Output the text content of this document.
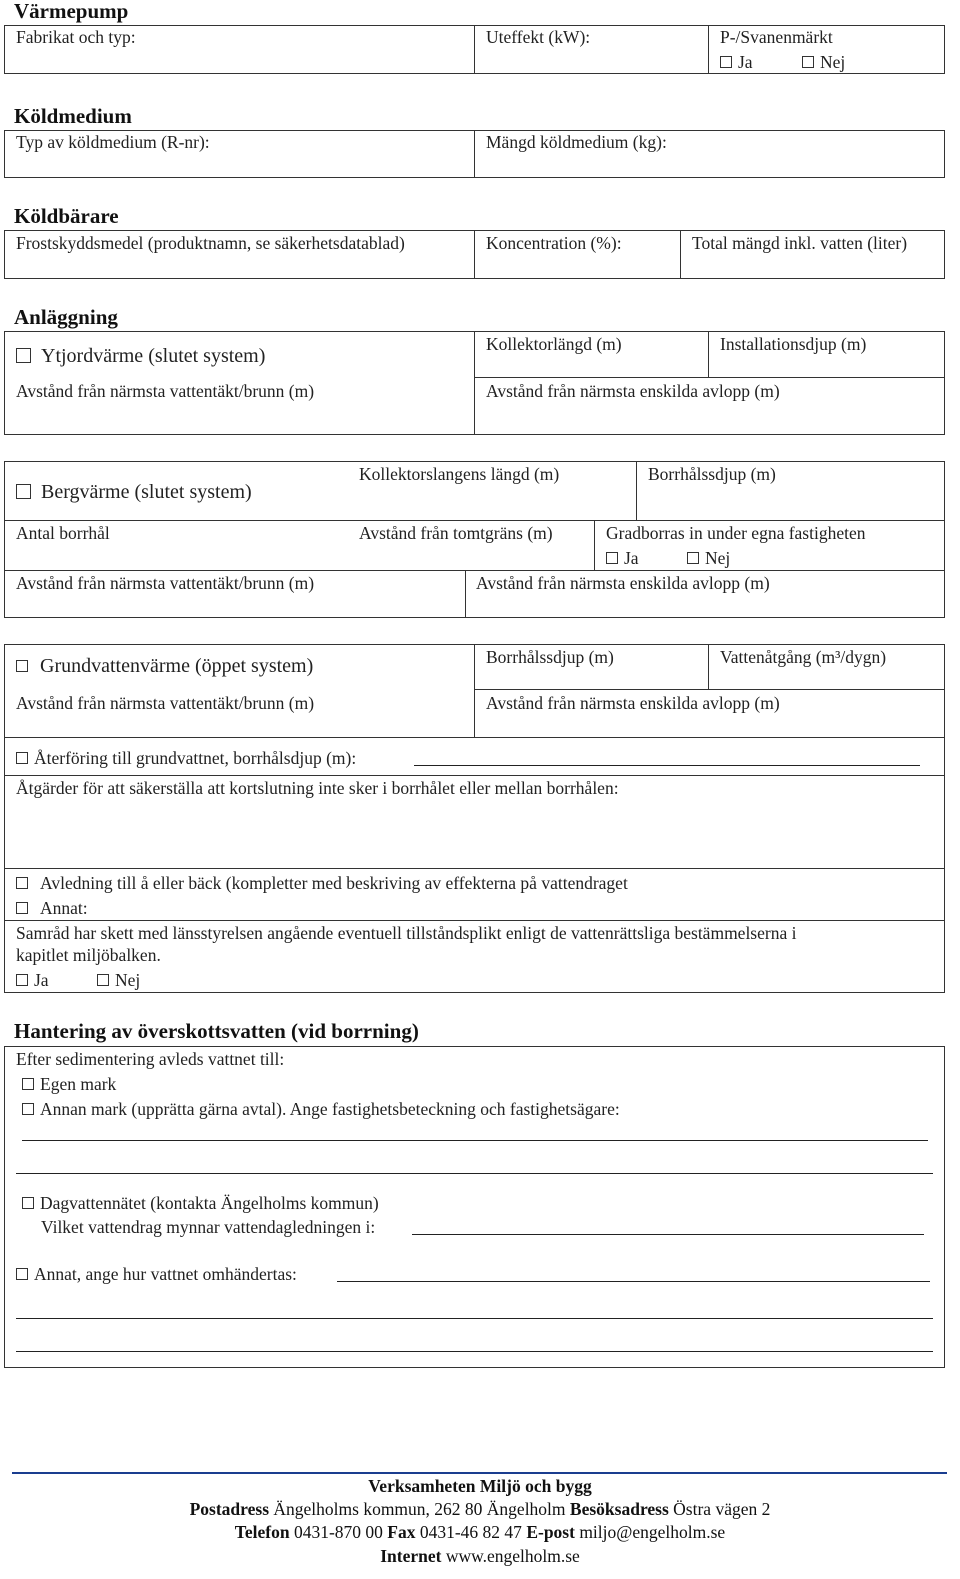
Värmepump
Fabrikat och typ:	Uteffekt (kW):	P-/Svanenmärkt
Ja	Nej
Köldmedium
Typ av köldmedium (R-nr):	Mängd köldmedium (kg):
Köldbärare
Frostskyddsmedel (produktnamn, se säkerhetsdatablad)	Koncentration (%):	Total mängd inkl. vatten (liter)
Anläggning
Ytjordvärme (slutet system)
Kollektorlängd (m)	Installationsdjup (m)
Avstånd från närmsta vattentäkt/brunn (m)	Avstånd från närmsta enskilda avlopp (m)
Bergvärme (slutet system)
Kollektorslangens längd (m)	Borrhålssdjup (m)
Antal borrhål	Avstånd från tomtgräns (m)	Gradborras in under egna fastigheten
Ja	Nej
Avstånd från närmsta vattentäkt/brunn (m)	Avstånd från närmsta enskilda avlopp (m)
Grundvattenvärme (öppet system)	Borrhålssdjup (m)	Vattenåtgång (m³/dygn)
Avstånd från närmsta vattentäkt/brunn (m)	Avstånd från närmsta enskilda avlopp (m)
Återföring till grundvattnet, borrhålsdjup (m):
Åtgärder för att säkerställa att kortslutning inte sker i borrhålet eller mellan borrhålen:
Avledning till å eller bäck (kompletter med beskriving av effekterna på vattendraget
Annat:
Samråd har skett med länsstyrelsen angående eventuell tillståndsplikt enligt de vattenrättsliga bestämmelserna i
kapitlet miljöbalken.
Ja	Nej
Hantering av överskottsvatten (vid borrning)
Efter sedimentering avleds vattnet till:
Egen mark
Annan mark (upprätta gärna avtal). Ange fastighetsbeteckning och fastighetsägare:
Dagvattennätet (kontakta Ängelholms kommun)
Vilket vattendrag mynnar vattendagledningen i:
Annat, ange hur vattnet omhändertas:
Verksamheten Miljö och bygg
Postadress Ängelholms kommun, 262 80 Ängelholm Besöksadress Östra vägen 2
Telefon 0431-870 00 Fax 0431-46 82 47 E-post miljo@engelholm.se
Internet www.engelholm.se
